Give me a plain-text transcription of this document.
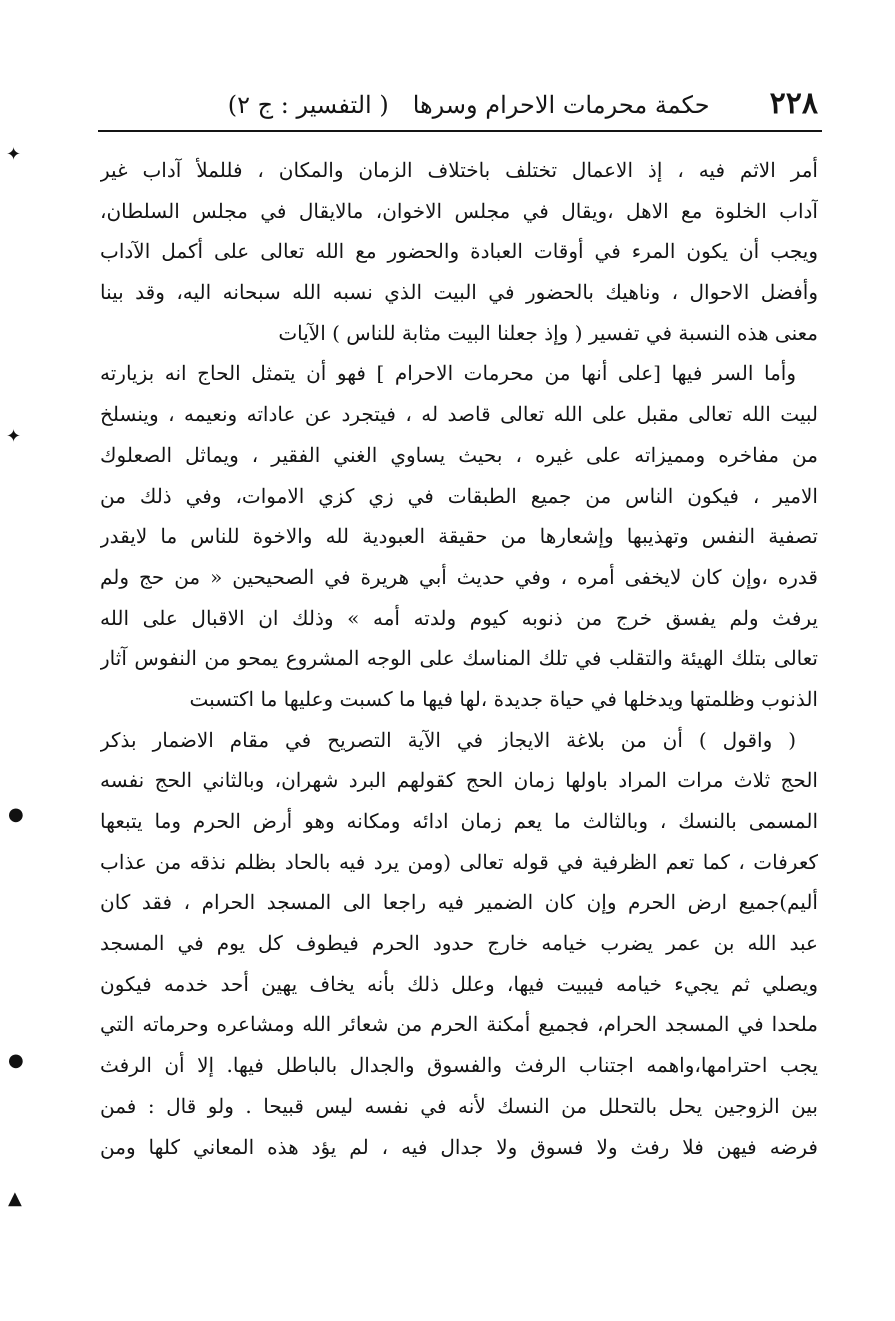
٢٢٨
حكمة محرمات الاحرام وسرها
( التفسير : ج ٢)
أمر الاثم فيه ، إذ الاعمال تختلف باختلاف الزمان والمكان ، فللملأ آداب غير
آداب الخلوة مع الاهل ،ويقال في مجلس الاخوان، مالايقال في مجلس السلطان،
ويجب أن يكون المرء في أوقات العبادة والحضور مع الله تعالى على أكمل الآداب
وأفضل الاحوال ، وناهيك بالحضور في البيت الذي نسبه الله سبحانه اليه، وقد بينا
معنى هذه النسبة في تفسير ( وإذ جعلنا البيت مثابة للناس ) الآيات
وأما السر فيها [على أنها من محرمات الاحرام ] فهو أن يتمثل الحاج انه بزيارته
لبيت الله تعالى مقبل على الله تعالى قاصد له ، فيتجرد عن عاداته ونعيمه ، وينسلخ
من مفاخره ومميزاته على غيره ، بحيث يساوي الغني الفقير ، ويماثل الصعلوك
الامير ، فيكون الناس من جميع الطبقات في زي كزي الاموات، وفي ذلك من
تصفية النفس وتهذيبها وإشعارها من حقيقة العبودية لله والاخوة للناس ما لايقدر
قدره ،وإن كان لايخفى أمره ، وفي حديث أبي هريرة في الصحيحين « من حج ولم
يرفث ولم يفسق خرج من ذنوبه كيوم ولدته أمه » وذلك ان الاقبال على الله
تعالى بتلك الهيئة والتقلب في تلك المناسك على الوجه المشروع يمحو من النفوس آثار
الذنوب وظلمتها ويدخلها في حياة جديدة ،لها فيها ما كسبت وعليها ما اكتسبت
( واقول ) أن من بلاغة الايجاز في الآية التصريح في مقام الاضمار بذكر
الحج ثلاث مرات المراد باولها زمان الحج كقولهم البرد شهران، وبالثاني الحج نفسه
المسمى بالنسك ، وبالثالث ما يعم زمان ادائه ومكانه وهو أرض الحرم وما يتبعها
كعرفات ، كما تعم الظرفية في قوله تعالى (ومن يرد فيه بالحاد بظلم نذقه من عذاب
أليم)جميع ارض الحرم وإن كان الضمير فيه راجعا الى المسجد الحرام ، فقد كان
عبد الله بن عمر يضرب خيامه خارج حدود الحرم فيطوف كل يوم في المسجد
ويصلي ثم يجيء خيامه فيبيت فيها، وعلل ذلك بأنه يخاف يهين أحد خدمه فيكون
ملحدا في المسجد الحرام، فجميع أمكنة الحرم من شعائر الله ومشاعره وحرماته التي
يجب احترامها،واهمه اجتناب الرفث والفسوق والجدال بالباطل فيها. إلا أن الرفث
بين الزوجين يحل بالتحلل من النسك لأنه في نفسه ليس قبيحا . ولو قال : فمن
فرضه فيهن فلا رفث ولا فسوق ولا جدال فيه ، لم يؤد هذه المعاني كلها ومن
✦
✦
●
●
▲
